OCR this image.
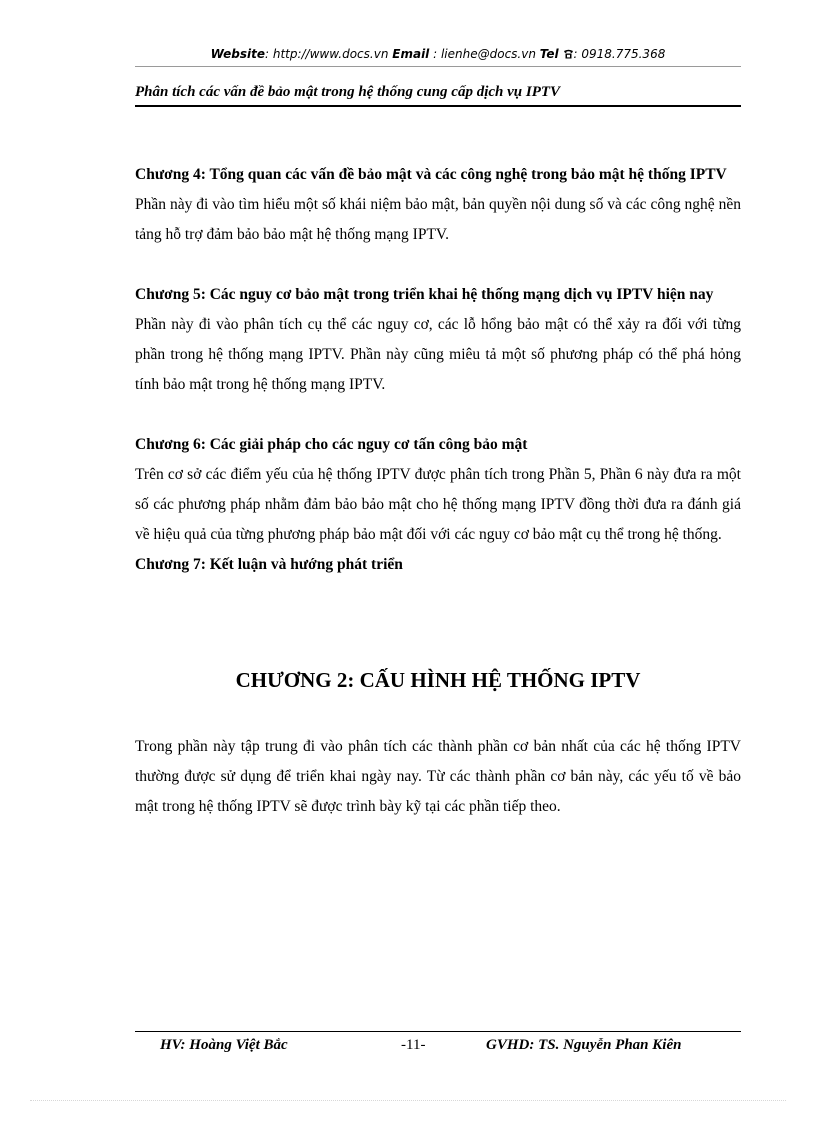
Website: http://www.docs.vn Email : lienhe@docs.vn Tel : 0918.775.368
Phân tích các vấn đề bảo mật trong hệ thống cung cấp dịch vụ IPTV

Chương 4: Tổng quan các vấn đề bảo mật và các công nghệ trong bảo mật hệ thống IPTV

Phần này đi vào tìm hiểu một số khái niệm bảo mật, bản quyền nội dung số và các công nghệ nền tảng hỗ trợ đảm bảo bảo mật hệ thống mạng IPTV.

Chương 5: Các nguy cơ bảo mật trong triển khai hệ thống mạng dịch vụ IPTV hiện nay

Phần này đi vào phân tích cụ thể các nguy cơ, các lỗ hổng bảo mật có thể xảy ra đối với từng phần trong hệ thống mạng IPTV. Phần này cũng miêu tả một số phương pháp có thể phá hỏng tính bảo mật trong hệ thống mạng IPTV.

Chương 6: Các giải pháp cho các nguy cơ tấn công bảo mật

Trên cơ sở các điểm yếu của hệ thống IPTV được phân tích trong Phần 5, Phần 6 này đưa ra một số các phương pháp nhằm đảm bảo bảo mật cho hệ thống mạng IPTV đồng thời đưa ra đánh giá về hiệu quả của từng phương pháp bảo mật đối với các nguy cơ bảo mật cụ thể trong hệ thống.

Chương 7: Kết luận và hướng phát triển

CHƯƠNG 2: CẤU HÌNH HỆ THỐNG IPTV

Trong phần này tập trung đi vào phân tích các thành phần cơ bản nhất của các hệ thống IPTV thường được sử dụng để triển khai ngày nay. Từ các thành phần cơ bản này, các yếu tố về bảo mật trong hệ thống IPTV sẽ được trình bày kỹ tại các phần tiếp theo.

HV: Hoàng Việt Bắc	-11-	GVHD: TS. Nguyễn Phan Kiên
